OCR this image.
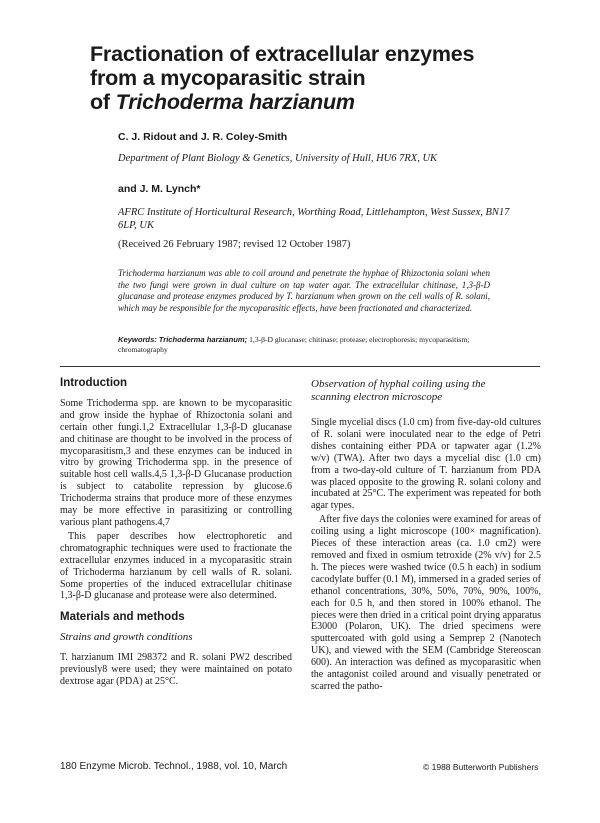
Fractionation of extracellular enzymes
from a mycoparasitic strain
of Trichoderma harzianum
C. J. Ridout and J. R. Coley-Smith
Department of Plant Biology & Genetics, University of Hull, HU6 7RX, UK
and J. M. Lynch*
AFRC Institute of Horticultural Research, Worthing Road, Littlehampton, West Sussex, BN17 6LP, UK
(Received 26 February 1987; revised 12 October 1987)
Trichoderma harzianum was able to coil around and penetrate the hyphae of Rhizoctonia solani when the two fungi were grown in dual culture on tap water agar. The extracellular chitinase, 1,3-β-D glucanase and protease enzymes produced by T. harzianum when grown on the cell walls of R. solani, which may be responsible for the mycoparasitic effects, have been fractionated and characterized.
Keywords: Trichoderma harzianum; 1,3-β-D glucanase; chitinase; protease; electrophoresis; mycoparasitism; chromatography
Introduction

Some Trichoderma spp. are known to be mycoparasitic and grow inside the hyphae of Rhizoctonia solani and certain other fungi.1,2 Extracellular 1,3-β-D glucanase and chitinase are thought to be involved in the process of mycoparasitism,3 and these enzymes can be induced in vitro by growing Trichoderma spp. in the presence of suitable host cell walls.4,5 1,3-β-D Glucanase production is subject to catabolite repression by glucose.6 Trichoderma strains that produce more of these enzymes may be more effective in parasitizing or controlling various plant pathogens.4,7

This paper describes how electrophoretic and chromatographic techniques were used to fractionate the extracellular enzymes induced in a mycoparasitic strain of Trichoderma harzianum by cell walls of R. solani. Some properties of the induced extracellular chitinase 1,3-β-D glucanase and protease were also determined.

Materials and methods
Strains and growth conditions

T. harzianum IMI 298372 and R. solani PW2 described previously8 were used; they were maintained on potato dextrose agar (PDA) at 25°C.

Observation of hyphal coiling using the
scanning electron microscope

Single mycelial discs (1.0 cm) from five-day-old cultures of R. solani were inoculated near to the edge of Petri dishes containing either PDA or tapwater agar (1.2% w/v) (TWA). After two days a mycelial disc (1.0 cm) from a two-day-old culture of T. harzianum from PDA was placed opposite to the growing R. solani colony and incubated at 25°C. The experiment was repeated for both agar types.

After five days the colonies were examined for areas of coiling using a light microscope (100× magnification). Pieces of these interaction areas (ca. 1.0 cm2) were removed and fixed in osmium tetroxide (2% v/v) for 2.5 h. The pieces were washed twice (0.5 h each) in sodium cacodylate buffer (0.1 M), immersed in a graded series of ethanol concentrations, 30%, 50%, 70%, 90%, 100%, each for 0.5 h, and then stored in 100% ethanol. The pieces were then dried in a critical point drying apparatus E3000 (Polaron, UK). The dried specimens were sputtercoated with gold using a Semprep 2 (Nanotech UK), and viewed with the SEM (Cambridge Stereoscan 600). An interaction was defined as mycoparasitic when the antagonist coiled around and visually penetrated or scarred the patho-

180 Enzyme Microb. Technol., 1988, vol. 10, March	© 1988 Butterworth Publishers
